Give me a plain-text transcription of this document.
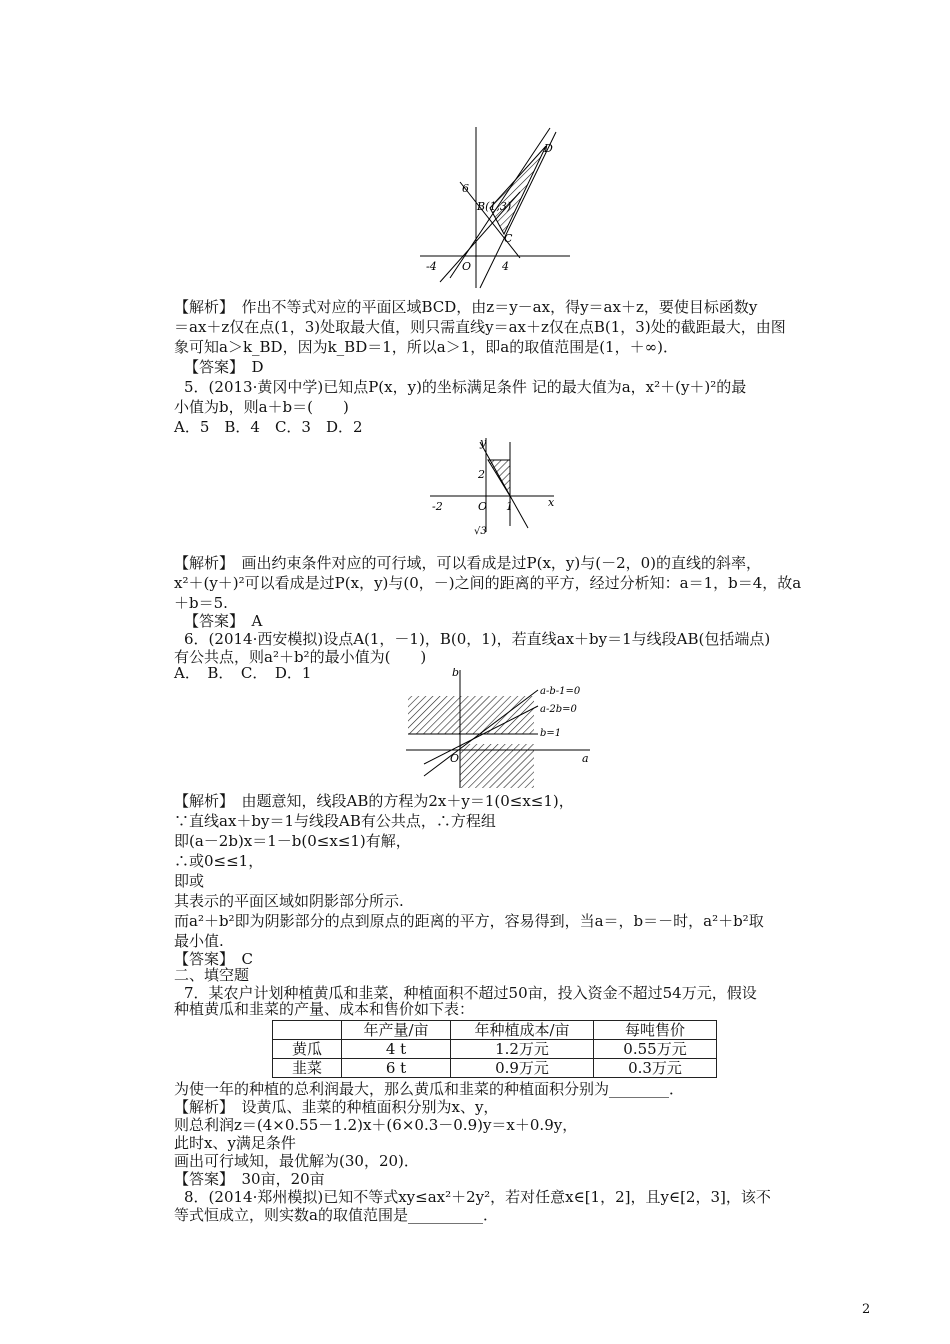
D
6
B(1,3)
C
-4 O	4
【解析】　作出不等式对应的平面区域BCD，由z＝y－ax，得y＝ax＋z，要使目标函数y
＝ax＋z仅在点(1，3)处取最大值，则只需直线y＝ax＋z仅在点B(1，3)处的截距最大，由图
象可知a＞k_BD，因为k_BD＝1，所以a＞1，即a的取值范围是(1，＋∞)．
【答案】　D
5．(2013·黄冈中学)已知点P(x，y)的坐标满足条件 记的最大值为a，x²＋(y＋)²的最
小值为b，则a＋b＝(　　)
A．5　B．4　C．3　D．2
y
2
-2	O 1	x
√3
【解析】　画出约束条件对应的可行域，可以看成是过P(x，y)与(－2，0)的直线的斜率，
x²＋(y＋)²可以看成是过P(x，y)与(0，－)之间的距离的平方，经过分析知：a＝1，b＝4，故a
＋b＝5.
【答案】　A
6．(2014·西安模拟)设点A(1，－1)，B(0，1)，若直线ax＋by＝1与线段AB(包括端点)
有公共点，则a²＋b²的最小值为(　　)
A．　B．　C．　D．1	b
a-b-1=0
a-2b=0
b=1
O	a
【解析】　由题意知，线段AB的方程为2x＋y＝1(0≤x≤1)，
∵直线ax＋by＝1与线段AB有公共点，∴方程组
即(a－2b)x＝1－b(0≤x≤1)有解，
∴或0≤≤1，
即或
其表示的平面区域如阴影部分所示.
而a²＋b²即为阴影部分的点到原点的距离的平方，容易得到，当a＝，b＝－时，a²＋b²取
最小值.
【答案】　C
二、填空题
7．某农户计划种植黄瓜和韭菜，种植面积不超过50亩，投入资金不超过54万元，假设
种植黄瓜和韭菜的产量、成本和售价如下表：
	年产量/亩	年种植成本/亩	每吨售价
黄瓜	4 t	1.2万元	0.55万元
韭菜	6 t	0.9万元	0.3万元
为使一年的种植的总利润最大，那么黄瓜和韭菜的种植面积分别为________．
【解析】　设黄瓜、韭菜的种植面积分别为x、y，
则总利润z＝(4×0.55－1.2)x＋(6×0.3－0.9)y＝x＋0.9y，
此时x、y满足条件
画出可行域知，最优解为(30，20)．
【答案】　30亩，20亩
8．(2014·郑州模拟)已知不等式xy≤ax²＋2y²，若对任意x∈[1，2]，且y∈[2，3]，该不
等式恒成立，则实数a的取值范围是__________．
2
